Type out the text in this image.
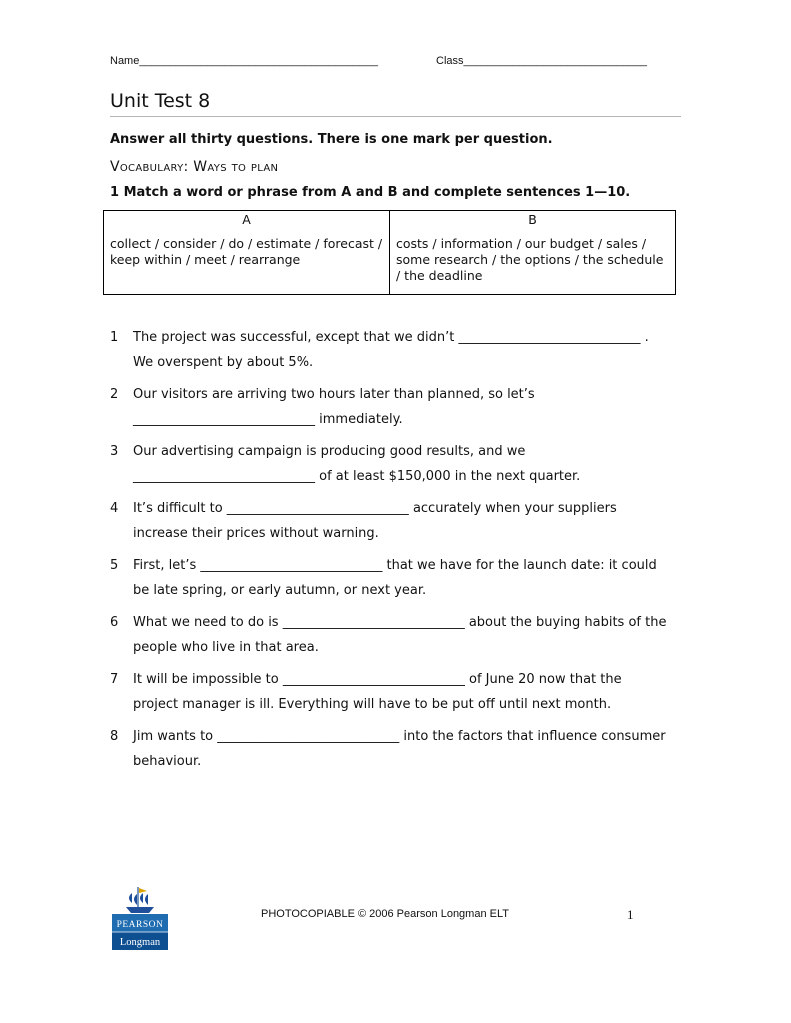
Name_______________________________________	Class______________________________
Unit Test 8
Answer all thirty questions. There is one mark per question.
Vocabulary: Ways to plan
1 Match a word or phrase from A and B and complete sentences 1—10.
A	B
collect / consider / do / estimate / forecast / keep within / meet / rearrange	costs / information / our budget / sales / some research / the options / the schedule / the deadline
1	The project was successful, except that we didn’t ____________________________ .
We overspent by about 5%.
2	Our visitors are arriving two hours later than planned, so let’s
____________________________ immediately.
3	Our advertising campaign is producing good results, and we
____________________________ of at least $150,000 in the next quarter.
4	It’s difficult to ____________________________ accurately when your suppliers
increase their prices without warning.
5	First, let’s ____________________________ that we have for the launch date: it could
be late spring, or early autumn, or next year.
6	What we need to do is ____________________________ about the buying habits of the
people who live in that area.
7	It will be impossible to ____________________________ of June 20 now that the
project manager is ill. Everything will have to be put off until next month.
8	Jim wants to ____________________________ into the factors that influence consumer
behaviour.
PEARSON
Longman
PHOTOCOPIABLE © 2006 Pearson Longman ELT	1
